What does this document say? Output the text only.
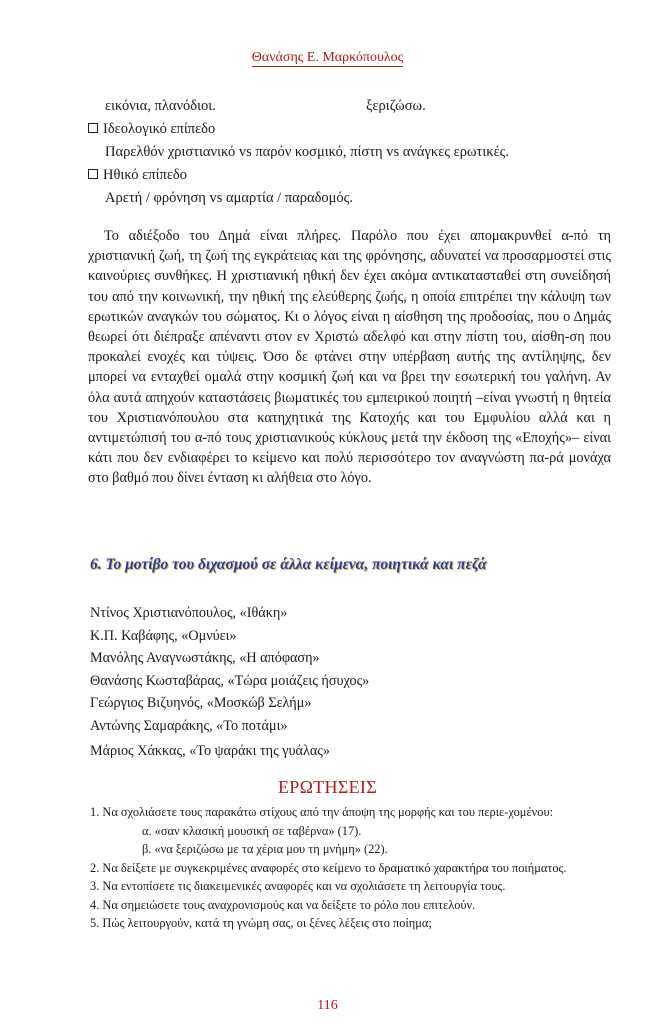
Θανάσης Ε. Μαρκόπουλος
εικόνια, πλανόδιοι.	ξεριζώσω.
Ιδεολογικό επίπεδο
Παρελθόν χριστιανικό vs παρόν κοσμικό, πίστη vs ανάγκες ερωτικές.
Ηθικό επίπεδο
Αρετή / φρόνηση vs αμαρτία / παραδομός.

Το αδιέξοδο του Δημά είναι πλήρες. Παρόλο που έχει απομακρυνθεί α-πό τη χριστιανική ζωή, τη ζωή της εγκράτειας και της φρόνησης, αδυνατεί να προσαρμοστεί στις καινούριες συνθήκες. Η χριστιανική ηθική δεν έχει ακόμα αντικατασταθεί στη συνείδησή του από την κοινωνική, την ηθική της ελεύθερης ζωής, η οποία επιτρέπει την κάλυψη των ερωτικών αναγκών του σώματος. Κι ο λόγος είναι η αίσθηση της προδοσίας, που ο Δημάς θεωρεί ότι διέπραξε απέναντι στον εν Χριστώ αδελφό και στην πίστη του, αίσθη-ση που προκαλεί ενοχές και τύψεις. Όσο δε φτάνει στην υπέρβαση αυτής της αντίληψης, δεν μπορεί να ενταχθεί ομαλά στην κοσμική ζωή και να βρει την εσωτερική του γαλήνη. Αν όλα αυτά απηχούν καταστάσεις βιωματικές του εμπειρικού ποιητή –είναι γνωστή η θητεία του Χριστιανόπουλου στα κατηχητικά της Κατοχής και του Εμφυλίου αλλά και η αντιμετώπισή του α-πό τους χριστιανικούς κύκλους μετά την έκδοση της «Εποχής»– είναι κάτι που δεν ενδιαφέρει το κείμενο και πολύ περισσότερο τον αναγνώστη πα-ρά μονάχα στο βαθμό που δίνει ένταση κι αλήθεια στο λόγο.

6. Το μοτίβο του διχασμού σε άλλα κείμενα, ποιητικά και πεζά
Ντίνος Χριστιανόπουλος, «Ιθάκη»
Κ.Π. Καβάφης, «Ομνύει»
Μανόλης Αναγνωστάκης, «Η απόφαση»
Θανάσης Κωσταβάρας, «Τώρα μοιάζεις ήσυχος»
Γεώργιος Βιζυηνός, «Μοσκώβ Σελήμ»
Αντώνης Σαμαράκης, «Το ποτάμι»
Μάριος Χάκκας, «Το ψαράκι της γυάλας»
ΕΡΩΤΗΣΕΙΣ
1. Να σχολιάσετε τους παρακάτω στίχους από την άποψη της μορφής και του περιε-χομένου:
α. «σαν κλασική μουσική σε ταβέρνα» (17).
β. «να ξεριζώσω με τα χέρια μου τη μνήμη» (22).
2. Να δείξετε με συγκεκριμένες αναφορές στο κείμενο το δραματικό χαρακτήρα του ποιήματος.
3. Να εντοπίσετε τις διακειμενικές αναφορές και να σχολιάσετε τη λειτουργία τους.
4. Να σημειώσετε τους αναχρονισμούς και να δείξετε το ρόλο που επιτελούν.
5. Πώς λειτουργούν, κατά τη γνώμη σας, οι ξένες λέξεις στο ποίημα;
116
